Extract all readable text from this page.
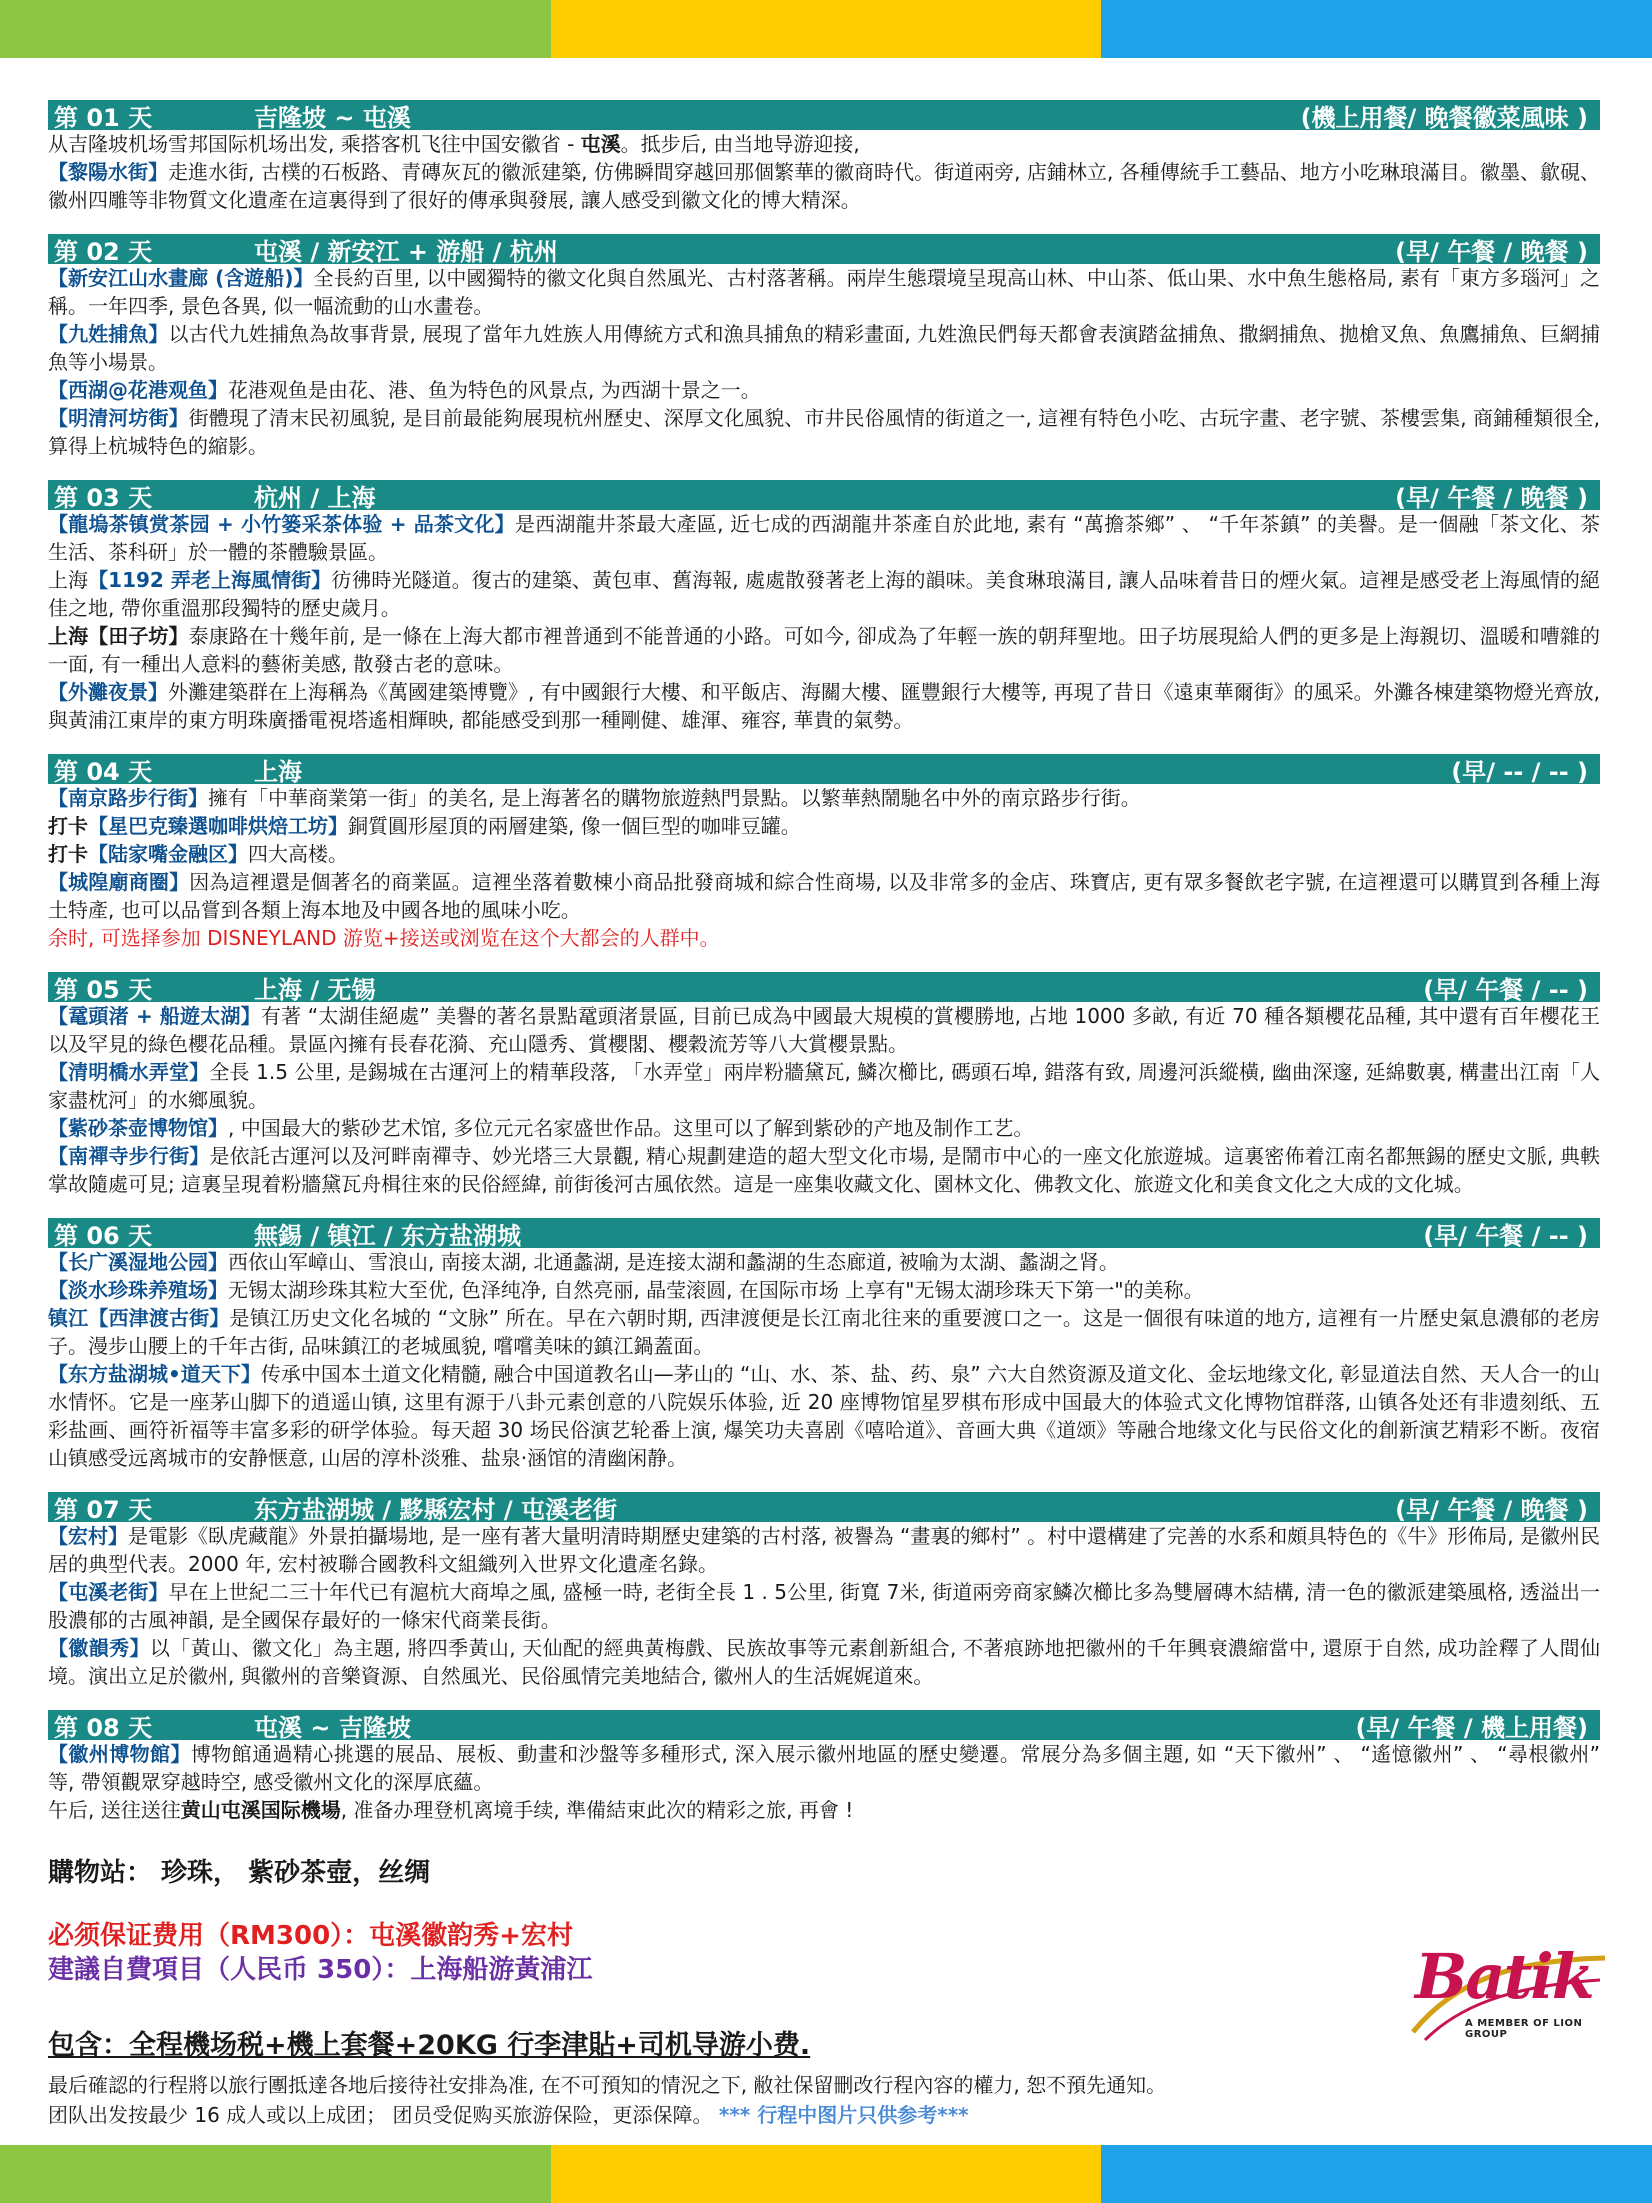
第 01 天	吉隆坡 ~ 屯溪	(機上用餐/ 晚餐徽菜風味 )

从吉隆坡机场雪邦国际机场出发, 乘搭客机飞往中国安徽省 - 屯溪。抵步后, 由当地导游迎接,

【黎陽水街】走進水街, 古樸的石板路、青磚灰瓦的徽派建築, 仿佛瞬間穿越回那個繁華的徽商時代。街道兩旁, 店鋪林立, 各種傳統手工藝品、地方小吃琳琅滿目。徽墨、歙硯、徽州四雕等非物質文化遺產在這裏得到了很好的傳承與發展, 讓人感受到徽文化的博大精深。

第 02 天	屯溪 / 新安江 + 游船 / 杭州	(早/ 午餐 / 晚餐 )

【新安江山水畫廊 (含遊船)】全長約百里, 以中國獨特的徽文化與自然風光、古村落著稱。兩岸生態環境呈現高山林、中山茶、低山果、水中魚生態格局, 素有「東方多瑙河」之稱。一年四季, 景色各異, 似一幅流動的山水畫卷。

【九姓捕魚】以古代九姓捕魚為故事背景, 展現了當年九姓族人用傳統方式和漁具捕魚的精彩畫面, 九姓漁民們每天都會表演踏盆捕魚、撒網捕魚、拋槍叉魚、魚鷹捕魚、巨網捕魚等小場景。

【西湖@花港观鱼】花港观鱼是由花、港、鱼为特色的风景点, 为西湖十景之一。

【明清河坊街】街體現了清末民初風貌, 是目前最能夠展現杭州歷史、深厚文化風貌、市井民俗風情的街道之一, 這裡有特色小吃、古玩字畫、老字號、茶樓雲集, 商鋪種類很全, 算得上杭城特色的縮影。

第 03 天	杭州 / 上海	(早/ 午餐 / 晚餐 )

【龍塢茶镇赏茶园 + 小竹篓采茶体验 + 品茶文化】是西湖龍井茶最大產區, 近七成的西湖龍井茶產自於此地, 素有 “萬擔茶鄉” 、 “千年茶鎮” 的美譽。是一個融「茶文化、茶生活、茶科研」於一體的茶體驗景區。

上海【1192 弄老上海風情街】彷彿時光隧道。復古的建築、黃包車、舊海報, 處處散發著老上海的韻味。美食琳琅滿目, 讓人品味着昔日的煙火氣。這裡是感受老上海風情的絕佳之地, 帶你重溫那段獨特的歷史歲月。

上海【田子坊】泰康路在十幾年前, 是一條在上海大都市裡普通到不能普通的小路。可如今, 卻成為了年輕一族的朝拜聖地。田子坊展現給人們的更多是上海親切、溫暖和嘈雜的一面, 有一種出人意料的藝術美感, 散發古老的意味。

【外灘夜景】外灘建築群在上海稱為《萬國建築博覽》, 有中國銀行大樓、和平飯店、海關大樓、匯豐銀行大樓等, 再現了昔日《遠東華爾街》的風采。外灘各棟建築物燈光齊放, 與黃浦江東岸的東方明珠廣播電視塔遙相輝映, 都能感受到那一種剛健、雄渾、雍容, 華貴的氣勢。

第 04 天	上海	(早/ -- / -- )

【南京路步行街】擁有「中華商業第一街」的美名, 是上海著名的購物旅遊熱門景點。以繁華熱鬧馳名中外的南京路步行街。

打卡【星巴克臻選咖啡烘焙工坊】銅質圓形屋頂的兩層建築, 像一個巨型的咖啡豆罐。

打卡【陆家嘴金融区】四大高楼。

【城隍廟商圈】因為這裡還是個著名的商業區。這裡坐落着數棟小商品批發商城和綜合性商場, 以及非常多的金店、珠寶店, 更有眾多餐飲老字號, 在這裡還可以購買到各種上海土特產, 也可以品嘗到各類上海本地及中國各地的風味小吃。

余时, 可选择参加 DISNEYLAND 游览+接送或浏览在这个大都会的人群中。

第 05 天	上海 / 无锡	(早/ 午餐 / -- )

【鼋頭渚 + 船遊太湖】有著 “太湖佳絕處” 美譽的著名景點鼋頭渚景區, 目前已成為中國最大規模的賞櫻勝地, 占地 1000 多畝, 有近 70 種各類櫻花品種, 其中還有百年櫻花王以及罕見的綠色櫻花品種。景區內擁有長春花漪、充山隱秀、賞櫻閣、櫻穀流芳等八大賞櫻景點。

【清明橋水弄堂】全長 1.5 公里, 是錫城在古運河上的精華段落, 「水弄堂」兩岸粉牆黛瓦, 鱗次櫛比, 碼頭石埠, 錯落有致, 周邊河浜縱橫, 幽曲深邃, 延綿數裏, 構畫出江南「人家盡枕河」的水鄉風貌。

【紫砂茶壶博物馆】, 中国最大的紫砂艺术馆, 多位元元名家盛世作品。这里可以了解到紫砂的产地及制作工艺。

【南禪寺步行街】是依託古運河以及河畔南禪寺、妙光塔三大景觀, 精心規劃建造的超大型文化市場, 是鬧市中心的一座文化旅遊城。這裏密佈着江南名都無錫的歷史文脈, 典軼掌故隨處可見; 這裏呈現着粉牆黛瓦舟楫往來的民俗經緯, 前街後河古風依然。這是一座集收藏文化、園林文化、佛教文化、旅遊文化和美食文化之大成的文化城。

第 06 天	無錫 / 镇江 / 东方盐湖城	(早/ 午餐 / -- )

【长广溪湿地公园】西依山军嶂山、雪浪山, 南接太湖, 北通蠡湖, 是连接太湖和蠡湖的生态廊道, 被喻为太湖、蠡湖之肾。

【淡水珍珠养殖场】无锡太湖珍珠其粒大至优, 色泽纯净, 自然亮丽, 晶莹滚圆, 在国际市场 上享有"无锡太湖珍珠天下第一"的美称。

镇江【西津渡古街】是镇江历史文化名城的 “文脉” 所在。早在六朝时期, 西津渡便是长江南北往来的重要渡口之一。这是一個很有味道的地方, 這裡有一片歷史氣息濃郁的老房子。漫步山腰上的千年古街, 品味鎮江的老城風貌, 嚐嚐美味的鎮江鍋蓋面。

【东方盐湖城•道天下】传承中国本土道文化精髓, 融合中国道教名山—茅山的 “山、水、茶、盐、药、泉” 六大自然资源及道文化、金坛地缘文化, 彰显道法自然、天人合一的山水情怀。它是一座茅山脚下的逍遥山镇, 这里有源于八卦元素创意的八院娱乐体验, 近 20 座博物馆星罗棋布形成中国最大的体验式文化博物馆群落, 山镇各处还有非遗刻纸、五彩盐画、画符祈福等丰富多彩的研学体验。每天超 30 场民俗演艺轮番上演, 爆笑功夫喜剧《嘻哈道》、音画大典《道颂》等融合地缘文化与民俗文化的創新演艺精彩不断。夜宿山镇感受远离城市的安静惬意, 山居的淳朴淡雅、盐泉·涵馆的清幽闲静。

第 07 天	东方盐湖城 / 黟縣宏村 / 屯溪老街	(早/ 午餐 / 晚餐 )

【宏村】是電影《臥虎藏龍》外景拍攝場地, 是一座有著大量明清時期歷史建築的古村落, 被譽為 “畫裏的鄉村” 。村中還構建了完善的水系和頗具特色的《牛》形佈局, 是徽州民居的典型代表。2000 年, 宏村被聯合國教科文組織列入世界文化遺產名錄。

【屯溪老街】早在上世紀二三十年代已有滬杭大商埠之風, 盛極一時, 老街全長 1 . 5公里, 街寬 7米, 街道兩旁商家鱗次櫛比多為雙層磚木結構, 清一色的徽派建築風格, 透溢出一股濃郁的古風神韻, 是全國保存最好的一條宋代商業長街。

【徽韻秀】以「黃山、徽文化」為主題, 將四季黃山, 天仙配的經典黃梅戲、民族故事等元素創新組合, 不著痕跡地把徽州的千年興衰濃縮當中, 還原于自然, 成功詮釋了人間仙境。演出立足於徽州, 與徽州的音樂資源、自然風光、民俗風情完美地結合, 徽州人的生活娓娓道來。

第 08 天	屯溪 ~ 吉隆坡	(早/ 午餐 / 機上用餐)

【徽州博物館】博物館通過精心挑選的展品、展板、動畫和沙盤等多種形式, 深入展示徽州地區的歷史變遷。常展分為多個主題, 如 “天下徽州” 、 “遙憶徽州” 、 “尋根徽州” 等, 帶領觀眾穿越時空, 感受徽州文化的深厚底蘊。

午后, 送往送往黄山屯溪国际機場, 准备办理登机离境手续, 準備結束此次的精彩之旅, 再會 !

購物站： 珍珠， 紫砂茶壺，丝绸

必须保证费用（RM300）：屯溪徽韵秀+宏村

建議自費項目（人民币 350）：上海船游黃浦江

包含：全程機场税+機上套餐+20KG 行李津貼+司机导游小费.

最后確認的行程將以旅行團抵達各地后接待社安排為准, 在不可預知的情況之下, 敝社保留刪改行程內容的權力, 恕不預先通知。

团队出发按最少 16 成人或以上成团； 团员受促购买旅游保险，更添保障。 *** 行程中图片只供参考***

Batik
A MEMBER OF LION GROUP
